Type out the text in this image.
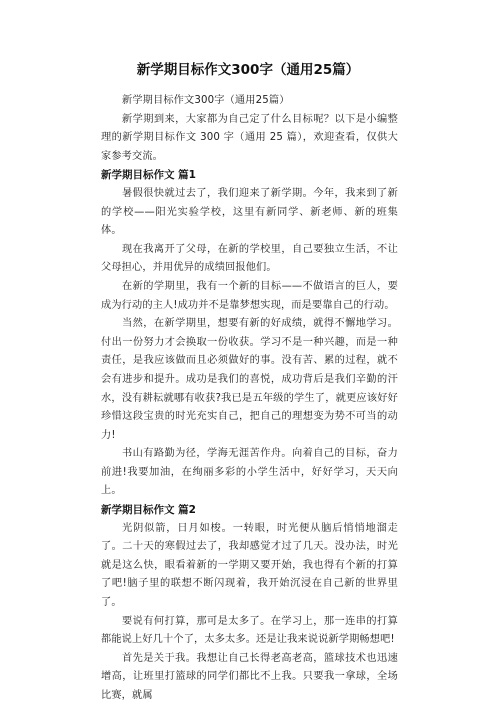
新学期目标作文300字（通用25篇）

新学期目标作文300字（通用25篇）

新学期到来，大家都为自己定了什么目标呢？以下是小编整理的新学期目标作文 300 字（通用 25 篇），欢迎查看，仅供大家参考交流。

新学期目标作文 篇1

暑假很快就过去了，我们迎来了新学期。今年，我来到了新的学校——阳光实验学校，这里有新同学、新老师、新的班集体。

现在我离开了父母，在新的学校里，自己要独立生活，不让父母担心，并用优异的成绩回报他们。

在新的学期里，我有一个新的目标——不做语言的巨人，要成为行动的主人!成功并不是靠梦想实现，而是要靠自己的行动。

当然，在新学期里，想要有新的好成绩，就得不懈地学习。付出一份努力才会换取一份收获。学习不是一种兴趣，而是一种责任，是我应该做而且必须做好的事。没有苦、累的过程，就不会有进步和提升。成功是我们的喜悦，成功背后是我们辛勤的汗水，没有耕耘就哪有收获?我已是五年级的学生了，就更应该好好珍惜这段宝贵的时光充实自己，把自己的理想变为势不可当的动力!

书山有路勤为径，学海无涯苦作舟。向着自己的目标，奋力前进!我要加油，在绚丽多彩的小学生活中，好好学习，天天向上。

新学期目标作文 篇2

光阴似箭，日月如梭。一转眼，时光便从脑后悄悄地溜走了。二十天的寒假过去了，我却感觉才过了几天。没办法，时光就是这么快，眼看着新的一学期又要开始，我也得有个新的打算了吧!脑子里的联想不断闪现着，我开始沉浸在自己新的世界里了。

要说有何打算，那可是太多了。在学习上，那一连串的打算都能说上好几十个了，太多太多。还是让我来说说新学期畅想吧!

首先是关于我。我想让自己长得老高老高，篮球技术也迅速增高，让班里打篮球的同学们都比不上我。只要我一拿球，全场比赛，就属
